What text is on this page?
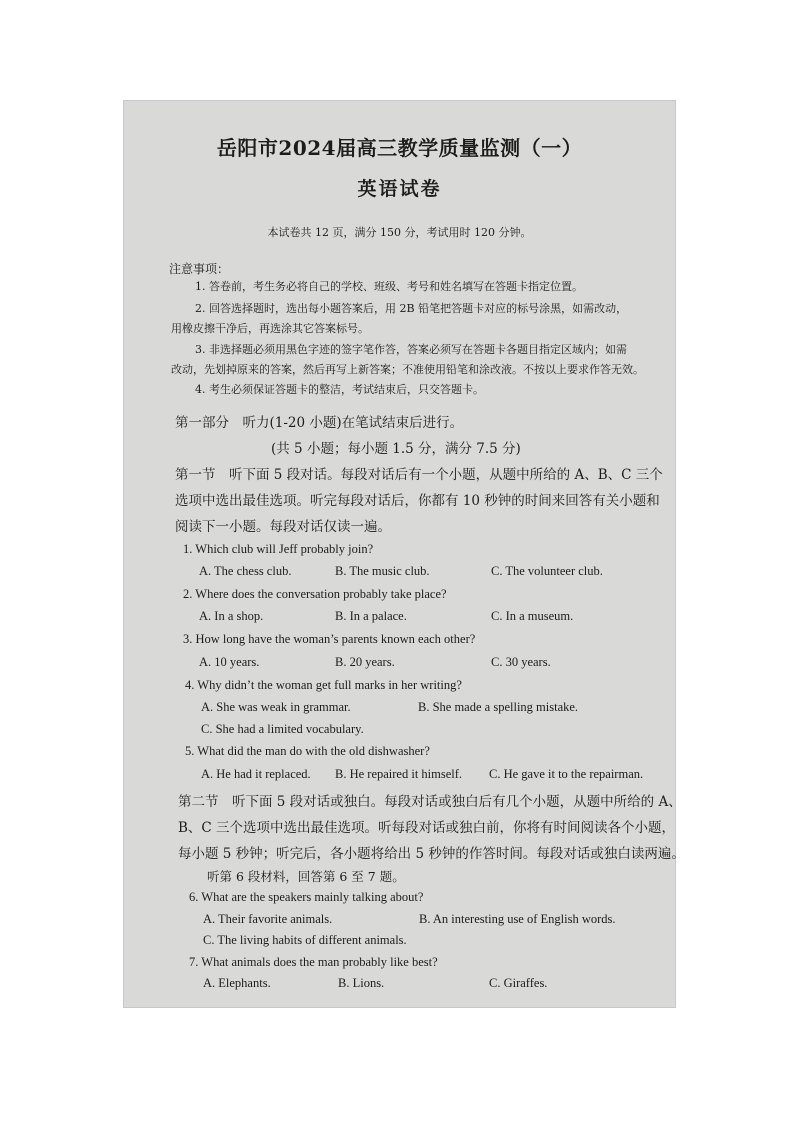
岳阳市2024届高三教学质量监测（一）
英语试卷
本试卷共 12 页，满分 150 分，考试用时 120 分钟。
注意事项：
1. 答卷前，考生务必将自己的学校、班级、考号和姓名填写在答题卡指定位置。
2. 回答选择题时，选出每小题答案后，用 2B 铅笔把答题卡对应的标号涂黑，如需改动，
用橡皮擦干净后，再选涂其它答案标号。
3. 非选择题必须用黑色字迹的签字笔作答，答案必须写在答题卡各题目指定区域内；如需
改动，先划掉原来的答案，然后再写上新答案；不准使用铅笔和涂改液。不按以上要求作答无效。
4. 考生必须保证答题卡的整洁，考试结束后，只交答题卡。
第一部分　听力(1-20 小题)在笔试结束后进行。
(共 5 小题；每小题 1.5 分，满分 7.5 分)
第一节　听下面 5 段对话。每段对话后有一个小题，从题中所给的 A、B、C 三个
选项中选出最佳选项。听完每段对话后，你都有 10 秒钟的时间来回答有关小题和
阅读下一小题。每段对话仅读一遍。
1. Which club will Jeff probably join?
A. The chess club.	B. The music club.	C. The volunteer club.
2. Where does the conversation probably take place?
A. In a shop.	B. In a palace.	C. In a museum.
3. How long have the woman’s parents known each other?
A. 10 years.	B. 20 years.	C. 30 years.
4. Why didn’t the woman get full marks in her writing?
A. She was weak in grammar.	B. She made a spelling mistake.
C. She had a limited vocabulary.
5. What did the man do with the old dishwasher?
A. He had it replaced. B. He repaired it himself. C. He gave it to the repairman.
第二节　听下面 5 段对话或独白。每段对话或独白后有几个小题，从题中所给的 A、
B、C 三个选项中选出最佳选项。听每段对话或独白前，你将有时间阅读各个小题，
每小题 5 秒钟；听完后，各小题将给出 5 秒钟的作答时间。每段对话或独白读两遍。
听第 6 段材料，回答第 6 至 7 题。
6. What are the speakers mainly talking about?
A. Their favorite animals.	B. An interesting use of English words.
C. The living habits of different animals.
7. What animals does the man probably like best?
A. Elephants.	B. Lions.	C. Giraffes.
